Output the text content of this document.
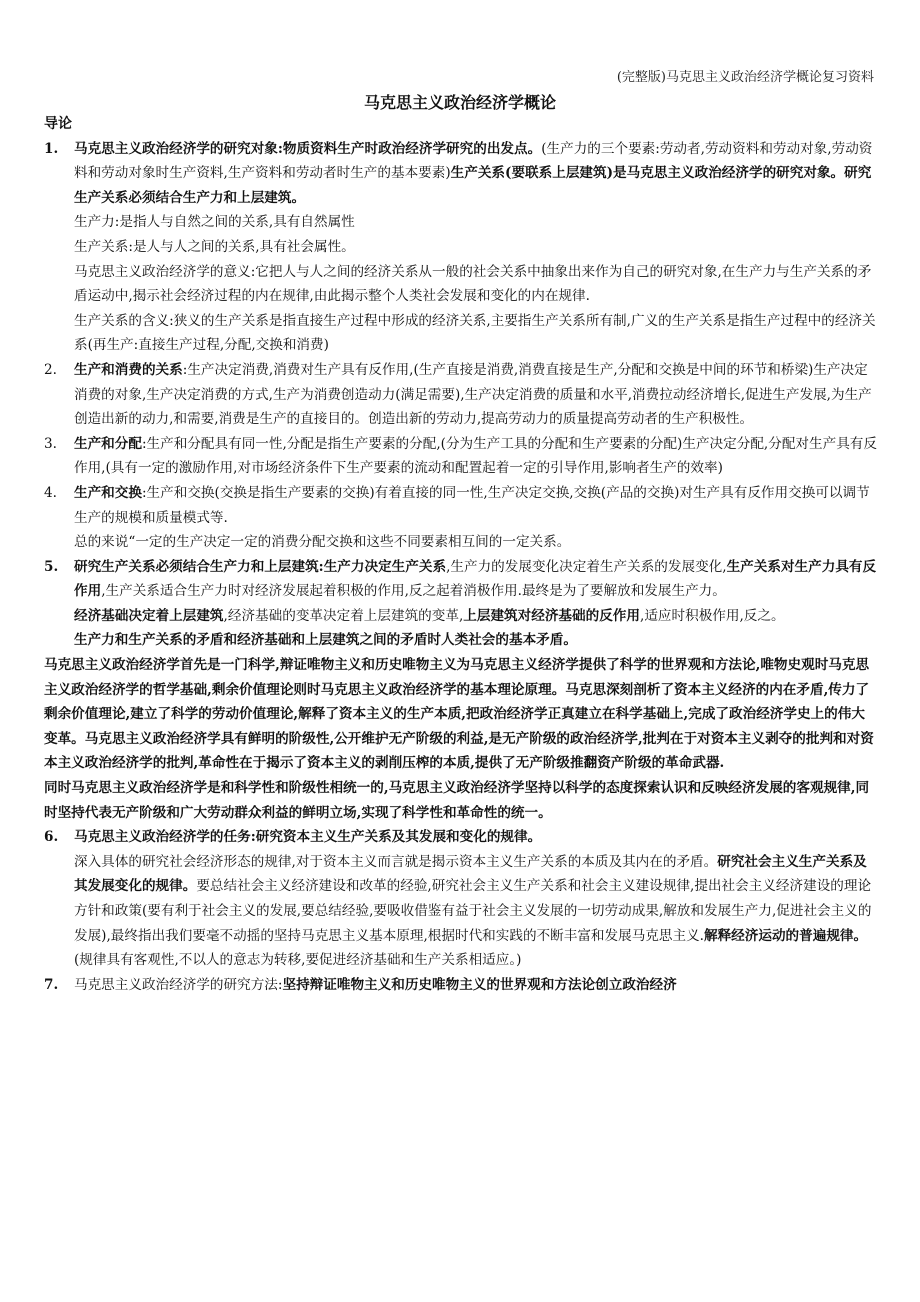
(完整版)马克思主义政治经济学概论复习资料
马克思主义政治经济学概论

导论

1. 马克思主义政治经济学的研究对象:物质资料生产时政治经济学研究的出发点。(生产力的三个要素:劳动者,劳动资料和劳动对象,劳动资料和劳动对象时生产资料,生产资料和劳动者时生产的基本要素)生产关系(要联系上层建筑)是马克思主义政治经济学的研究对象。研究生产关系必须结合生产力和上层建筑。

生产力:是指人与自然之间的关系,具有自然属性

生产关系:是人与人之间的关系,具有社会属性。

马克思主义政治经济学的意义:它把人与人之间的经济关系从一般的社会关系中抽象出来作为自己的研究对象,在生产力与生产关系的矛盾运动中,揭示社会经济过程的内在规律,由此揭示整个人类社会发展和变化的内在规律.

生产关系的含义:狭义的生产关系是指直接生产过程中形成的经济关系,主要指生产关系所有制,广义的生产关系是指生产过程中的经济关系(再生产:直接生产过程,分配,交换和消费)

2. 生产和消费的关系:生产决定消费,消费对生产具有反作用,(生产直接是消费,消费直接是生产,分配和交换是中间的环节和桥梁)生产决定消费的对象,生产决定消费的方式,生产为消费创造动力(满足需要),生产决定消费的质量和水平,消费拉动经济增长,促进生产发展,为生产创造出新的动力,和需要,消费是生产的直接目的。创造出新的劳动力,提高劳动力的质量提高劳动者的生产积极性。

3. 生产和分配:生产和分配具有同一性,分配是指生产要素的分配,(分为生产工具的分配和生产要素的分配)生产决定分配,分配对生产具有反作用,(具有一定的激励作用,对市场经济条件下生产要素的流动和配置起着一定的引导作用,影响者生产的效率)

4. 生产和交换:生产和交换(交换是指生产要素的交换)有着直接的同一性,生产决定交换,交换(产品的交换)对生产具有反作用交换可以调节生产的规模和质量模式等.

总的来说“一定的生产决定一定的消费分配交换和这些不同要素相互间的一定关系。

5. 研究生产关系必须结合生产力和上层建筑:生产力决定生产关系,生产力的发展变化决定着生产关系的发展变化,生产关系对生产力具有反作用,生产关系适合生产力时对经济发展起着积极的作用,反之起着消极作用.最终是为了要解放和发展生产力。

经济基础决定着上层建筑,经济基础的变革决定着上层建筑的变革,上层建筑对经济基础的反作用,适应时积极作用,反之。

生产力和生产关系的矛盾和经济基础和上层建筑之间的矛盾时人类社会的基本矛盾。

马克思主义政治经济学首先是一门科学,辩证唯物主义和历史唯物主义为马克思主义经济学提供了科学的世界观和方法论,唯物史观时马克思主义政治经济学的哲学基础,剩余价值理论则时马克思主义政治经济学的基本理论原理。马克思深刻剖析了资本主义经济的内在矛盾,传力了剩余价值理论,建立了科学的劳动价值理论,解释了资本主义的生产本质,把政治经济学正真建立在科学基础上,完成了政治经济学史上的伟大变革。马克思主义政治经济学具有鲜明的阶级性,公开维护无产阶级的利益,是无产阶级的政治经济学,批判在于对资本主义剥夺的批判和对资本主义政治经济学的批判,革命性在于揭示了资本主义的剥削压榨的本质,提供了无产阶级推翻资产阶级的革命武器.

同时马克思主义政治经济学是和科学性和阶级性相统一的,马克思主义政治经济学坚持以科学的态度探索认识和反映经济发展的客观规律,同时坚持代表无产阶级和广大劳动群众利益的鲜明立场,实现了科学性和革命性的统一。

6. 马克思主义政治经济学的任务:研究资本主义生产关系及其发展和变化的规律。

深入具体的研究社会经济形态的规律,对于资本主义而言就是揭示资本主义生产关系的本质及其内在的矛盾。研究社会主义生产关系及其发展变化的规律。要总结社会主义经济建设和改革的经验,研究社会主义生产关系和社会主义建设规律,提出社会主义经济建设的理论方针和政策(要有利于社会主义的发展,要总结经验,要吸收借鉴有益于社会主义发展的一切劳动成果,解放和发展生产力,促进社会主义的发展),最终指出我们要毫不动摇的坚持马克思主义基本原理,根据时代和实践的不断丰富和发展马克思主义.解释经济运动的普遍规律。(规律具有客观性,不以人的意志为转移,要促进经济基础和生产关系相适应。)

7. 马克思主义政治经济学的研究方法:坚持辩证唯物主义和历史唯物主义的世界观和方法论创立政治经济
